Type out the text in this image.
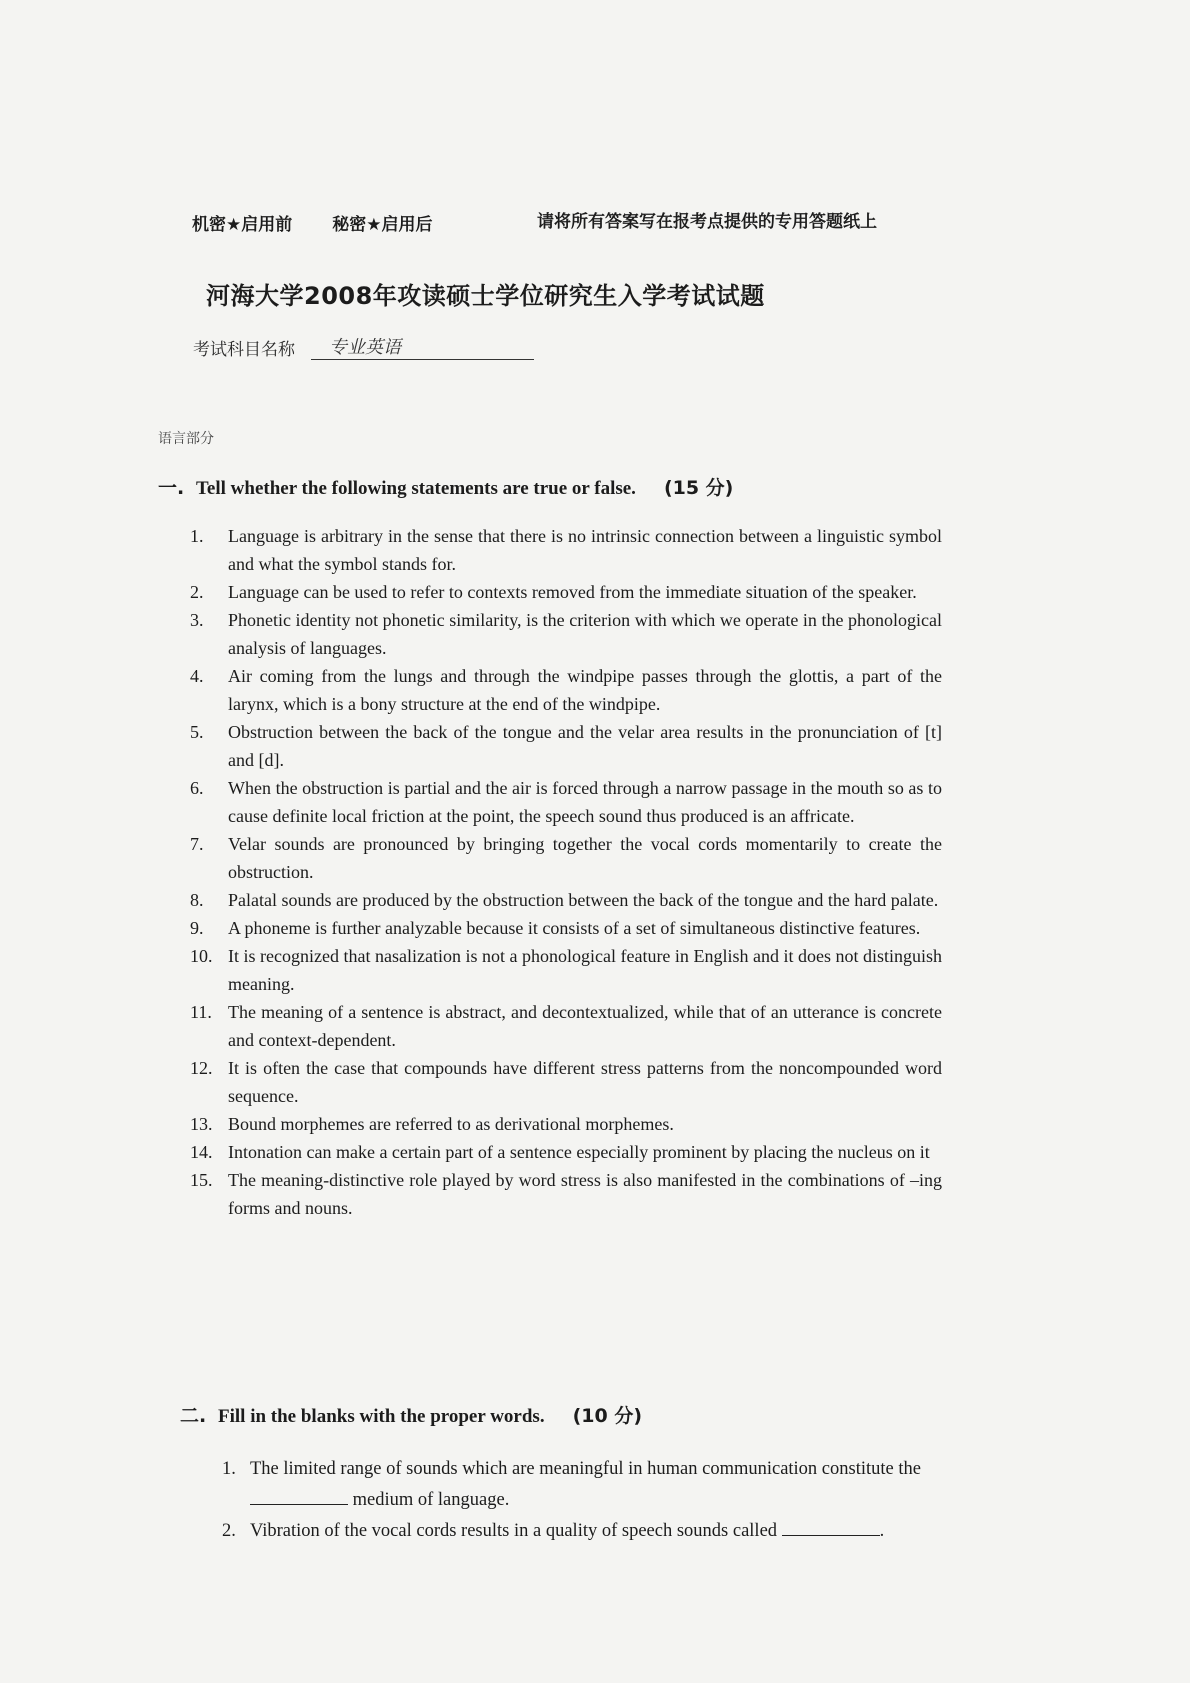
机密★启用前 秘密★启用后	请将所有答案写在报考点提供的专用答题纸上
河海大学2008年攻读硕士学位研究生入学考试试题
考试科目名称	专业英语
语言部分
一. Tell whether the following statements are true or false. (15 分)
1. Language is arbitrary in the sense that there is no intrinsic connection between a linguistic symbol and what the symbol stands for.
2. Language can be used to refer to contexts removed from the immediate situation of the speaker.
3. Phonetic identity not phonetic similarity, is the criterion with which we operate in the phonological analysis of languages.
4. Air coming from the lungs and through the windpipe passes through the glottis, a part of the larynx, which is a bony structure at the end of the windpipe.
5. Obstruction between the back of the tongue and the velar area results in the pronunciation of [t] and [d].
6. When the obstruction is partial and the air is forced through a narrow passage in the mouth so as to cause definite local friction at the point, the speech sound thus produced is an affricate.
7. Velar sounds are pronounced by bringing together the vocal cords momentarily to create the obstruction.
8. Palatal sounds are produced by the obstruction between the back of the tongue and the hard palate.
9. A phoneme is further analyzable because it consists of a set of simultaneous distinctive features.
10. It is recognized that nasalization is not a phonological feature in English and it does not distinguish meaning.
11. The meaning of a sentence is abstract, and decontextualized, while that of an utterance is concrete and context-dependent.
12. It is often the case that compounds have different stress patterns from the noncompounded word sequence.
13. Bound morphemes are referred to as derivational morphemes.
14. Intonation can make a certain part of a sentence especially prominent by placing the nucleus on it
15. The meaning-distinctive role played by word stress is also manifested in the combinations of –ing forms and nouns.
二. Fill in the blanks with the proper words. (10 分)
1. The limited range of sounds which are meaningful in human communication constitute the medium of language.
2. Vibration of the vocal cords results in a quality of speech sounds called	.
